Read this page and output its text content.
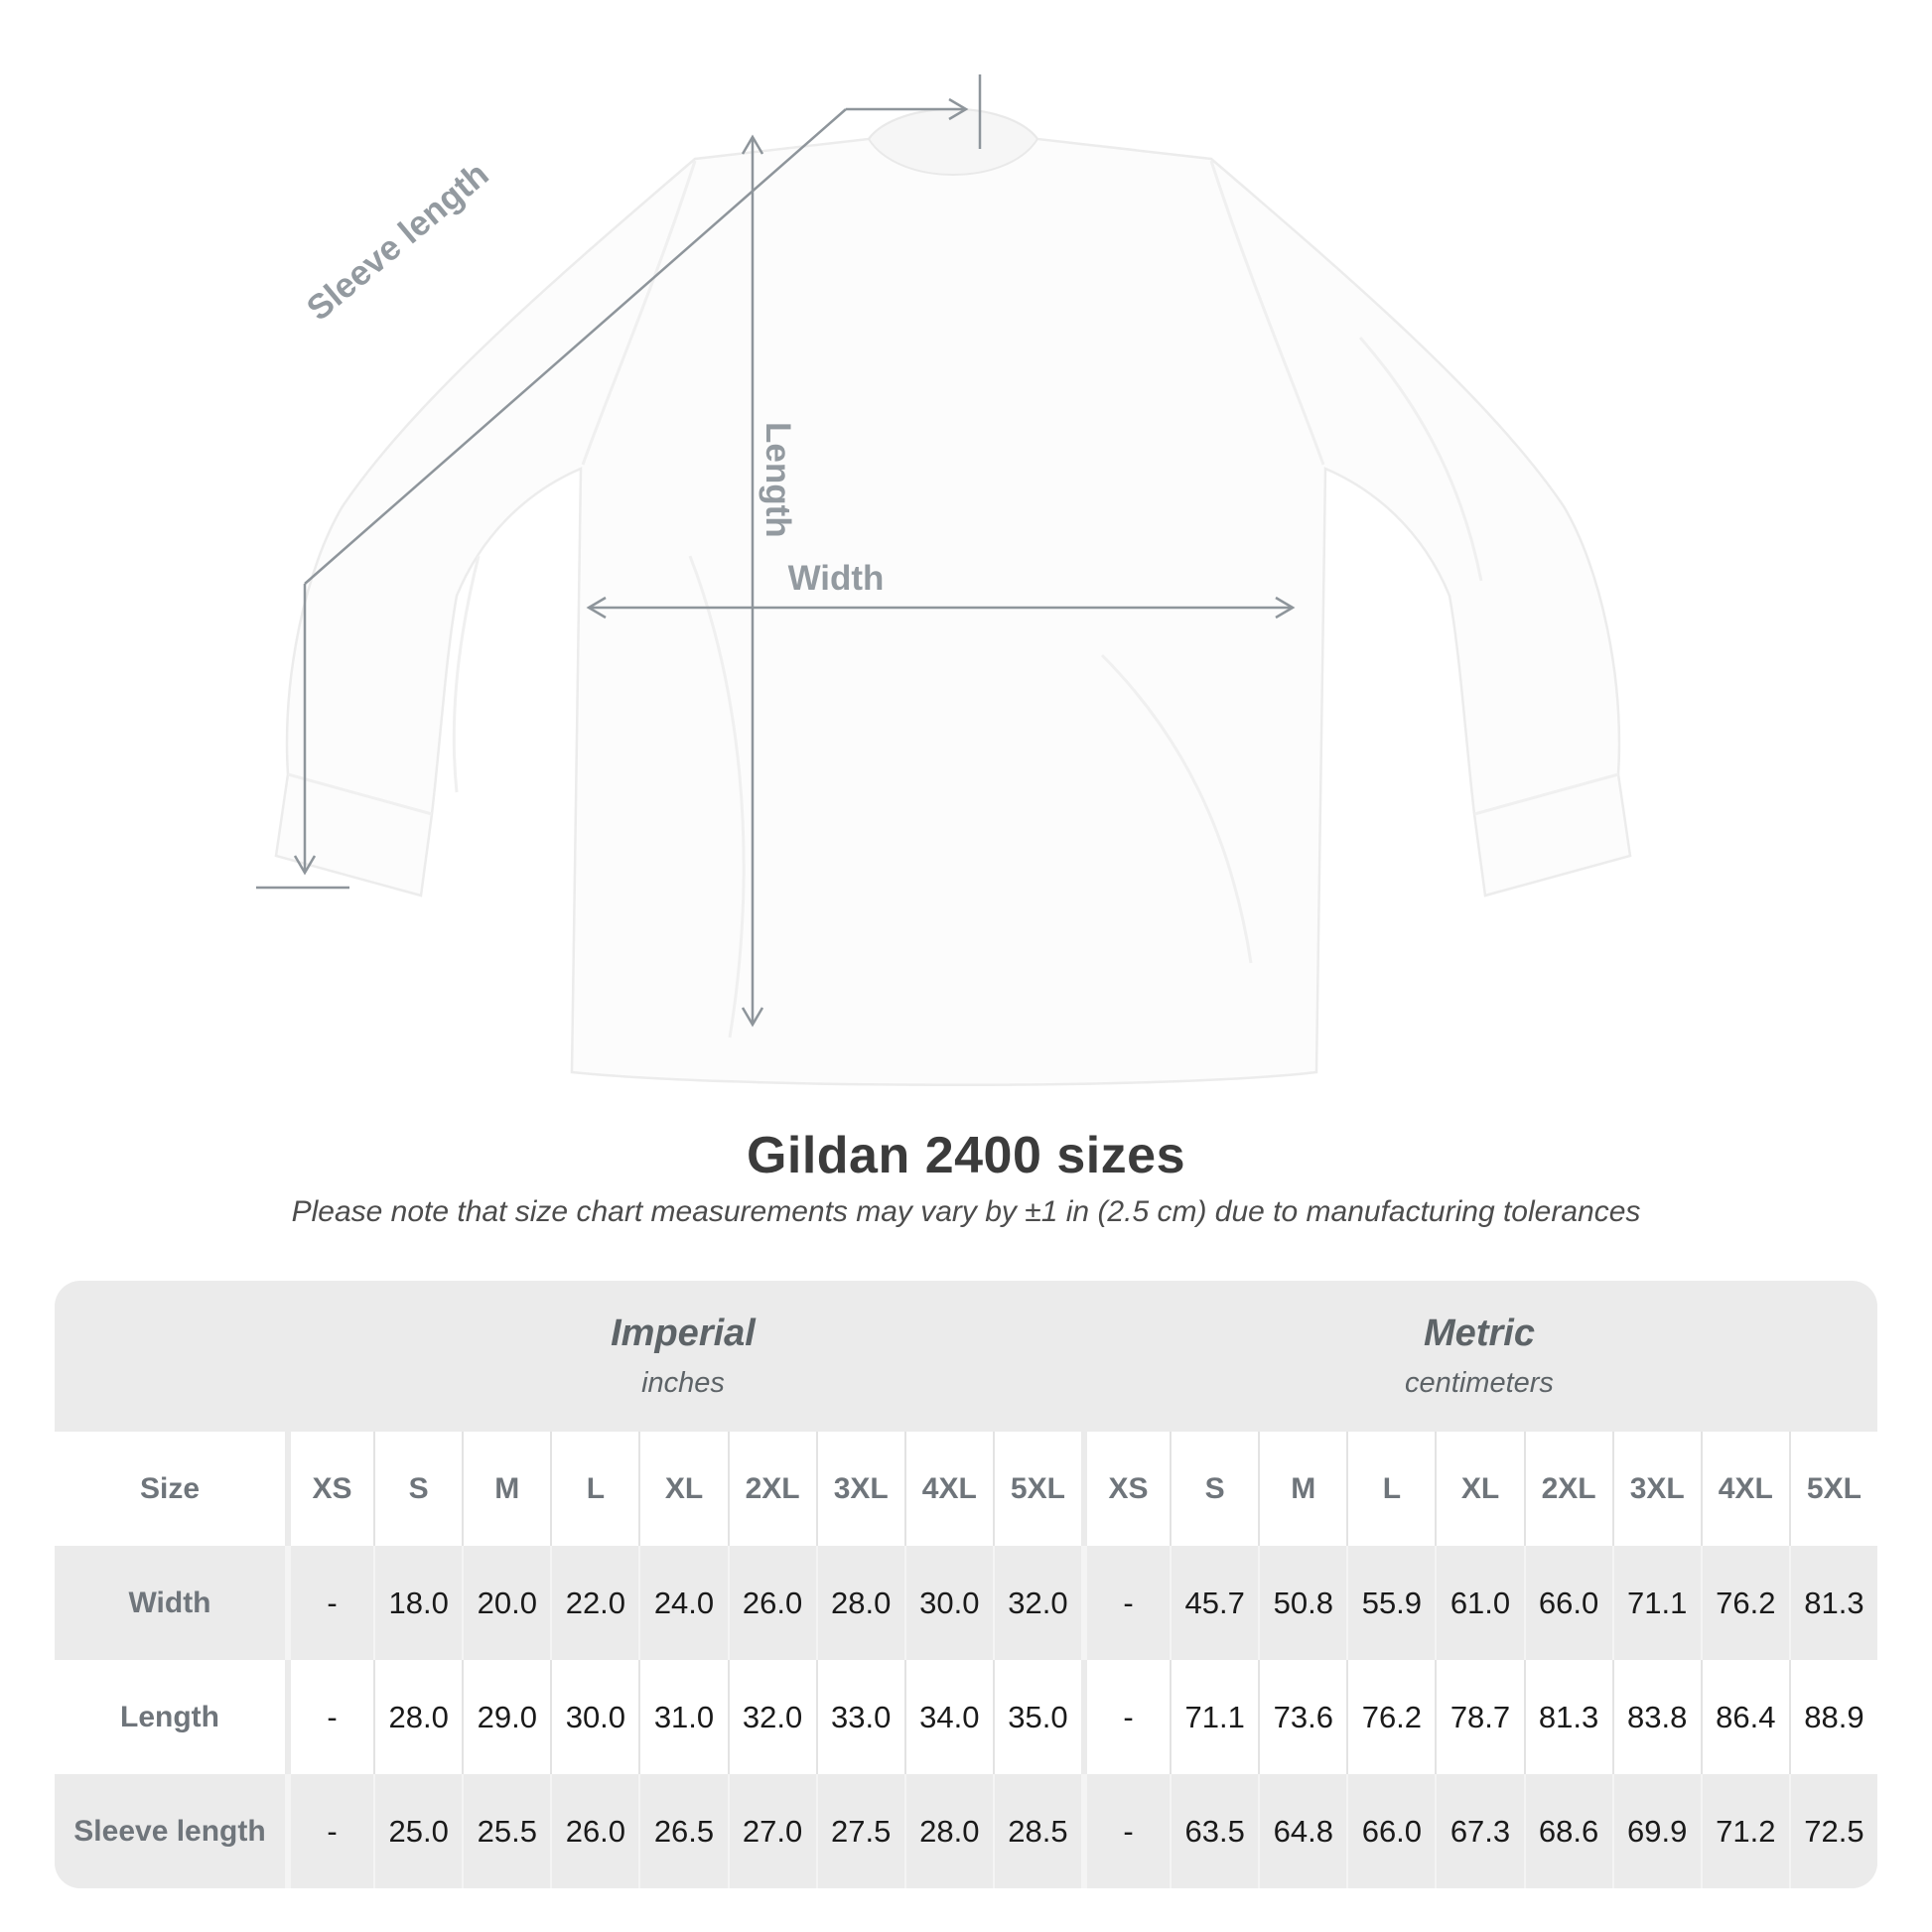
Sleeve length
Length
Width
Gildan 2400 sizes

Please note that size chart measurements may vary by ±1 in (2.5 cm) due to manufacturing tolerances

Imperial
inches
Metric
centimeters
Size	XS	S	M	L	XL	2XL	3XL	4XL	5XL	XS	S	M	L	XL	2XL	3XL	4XL	5XL
Width	-	18.0 20.0 22.0 24.0 26.0 28.0 30.0 32.0	-	45.7 50.8 55.9 61.0 66.0 71.1 76.2 81.3
Length	-	28.0 29.0 30.0 31.0 32.0 33.0 34.0 35.0	-	71.1 73.6 76.2 78.7 81.3 83.8 86.4 88.9
Sleeve length	-	25.0 25.5 26.0 26.5 27.0 27.5 28.0 28.5	-	63.5 64.8 66.0 67.3 68.6 69.9 71.2 72.5
